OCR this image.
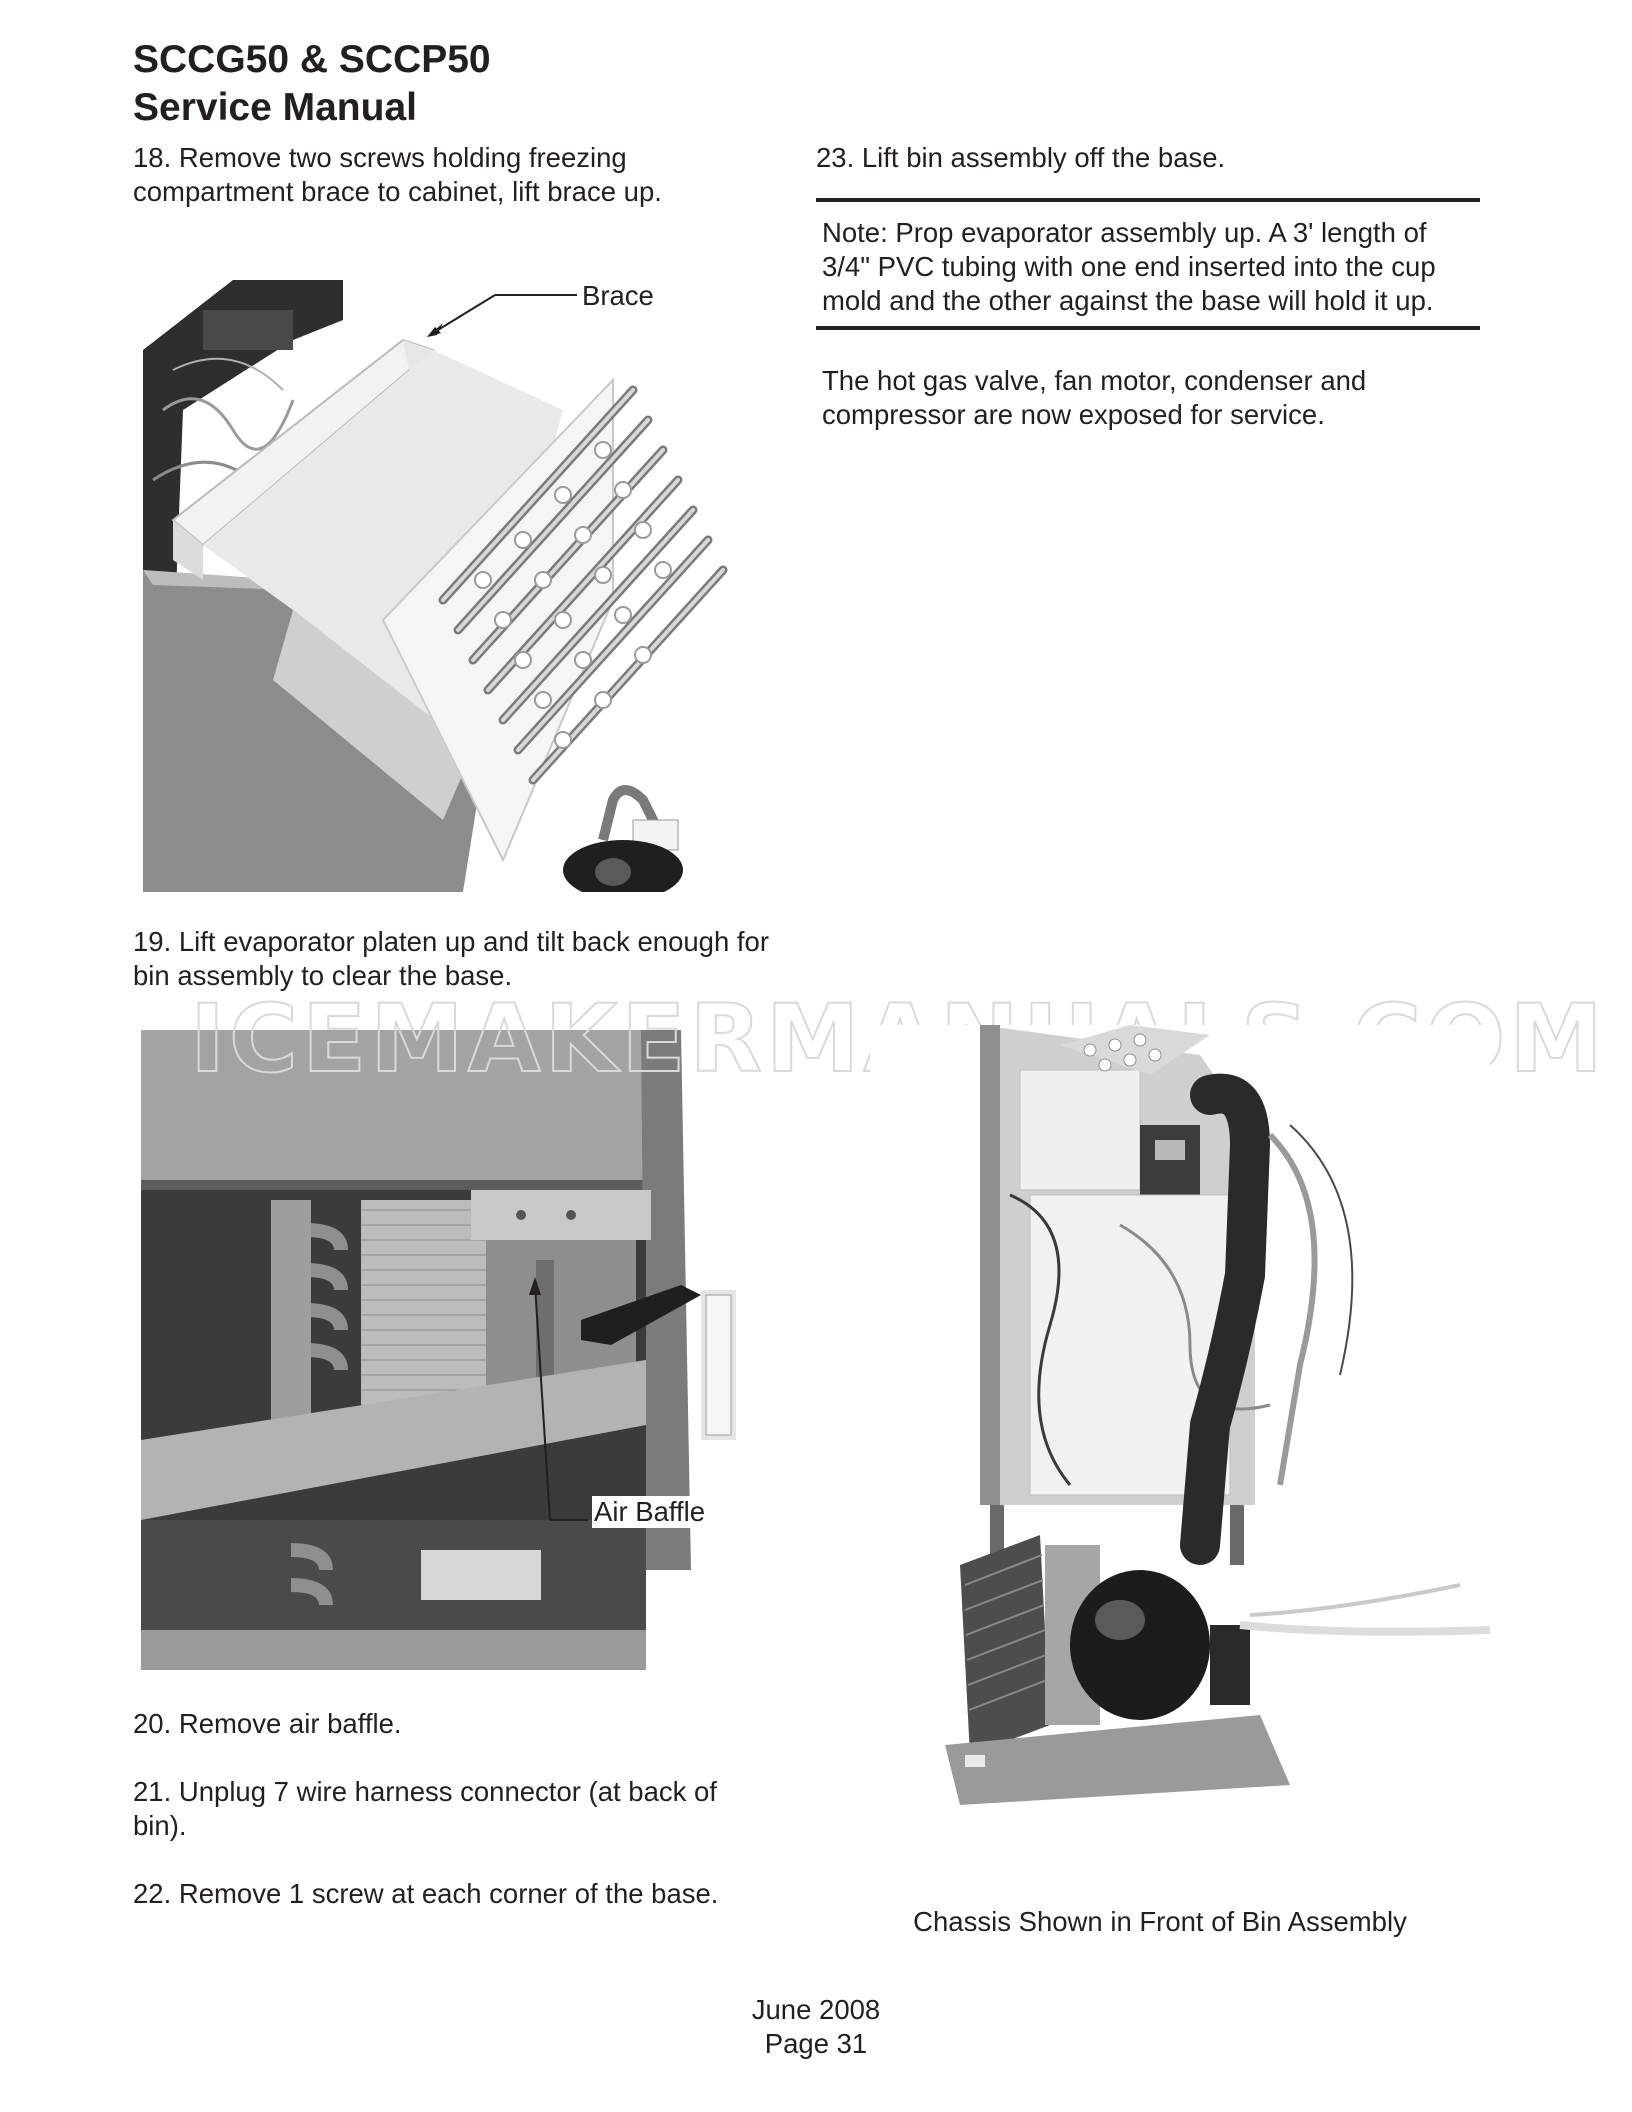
SCCG50 & SCCP50
Service Manual
18. Remove two screws holding freezing compartment brace to cabinet, lift brace up.
23. Lift bin assembly off the base.
Note: Prop evaporator assembly up. A 3' length of 3/4" PVC tubing with one end inserted into the cup mold and the other against the base will hold it up.
The hot gas valve, fan motor, condenser and compressor are now exposed for service.
Brace
19. Lift evaporator platen up and tilt back enough for bin assembly to clear the base.
Air Baffle
Chassis Shown in Front of Bin Assembly
20. Remove air baffle.
21. Unplug 7 wire harness connector (at back of bin).
22. Remove 1 screw at each corner of the base.
June 2008
Page 31
